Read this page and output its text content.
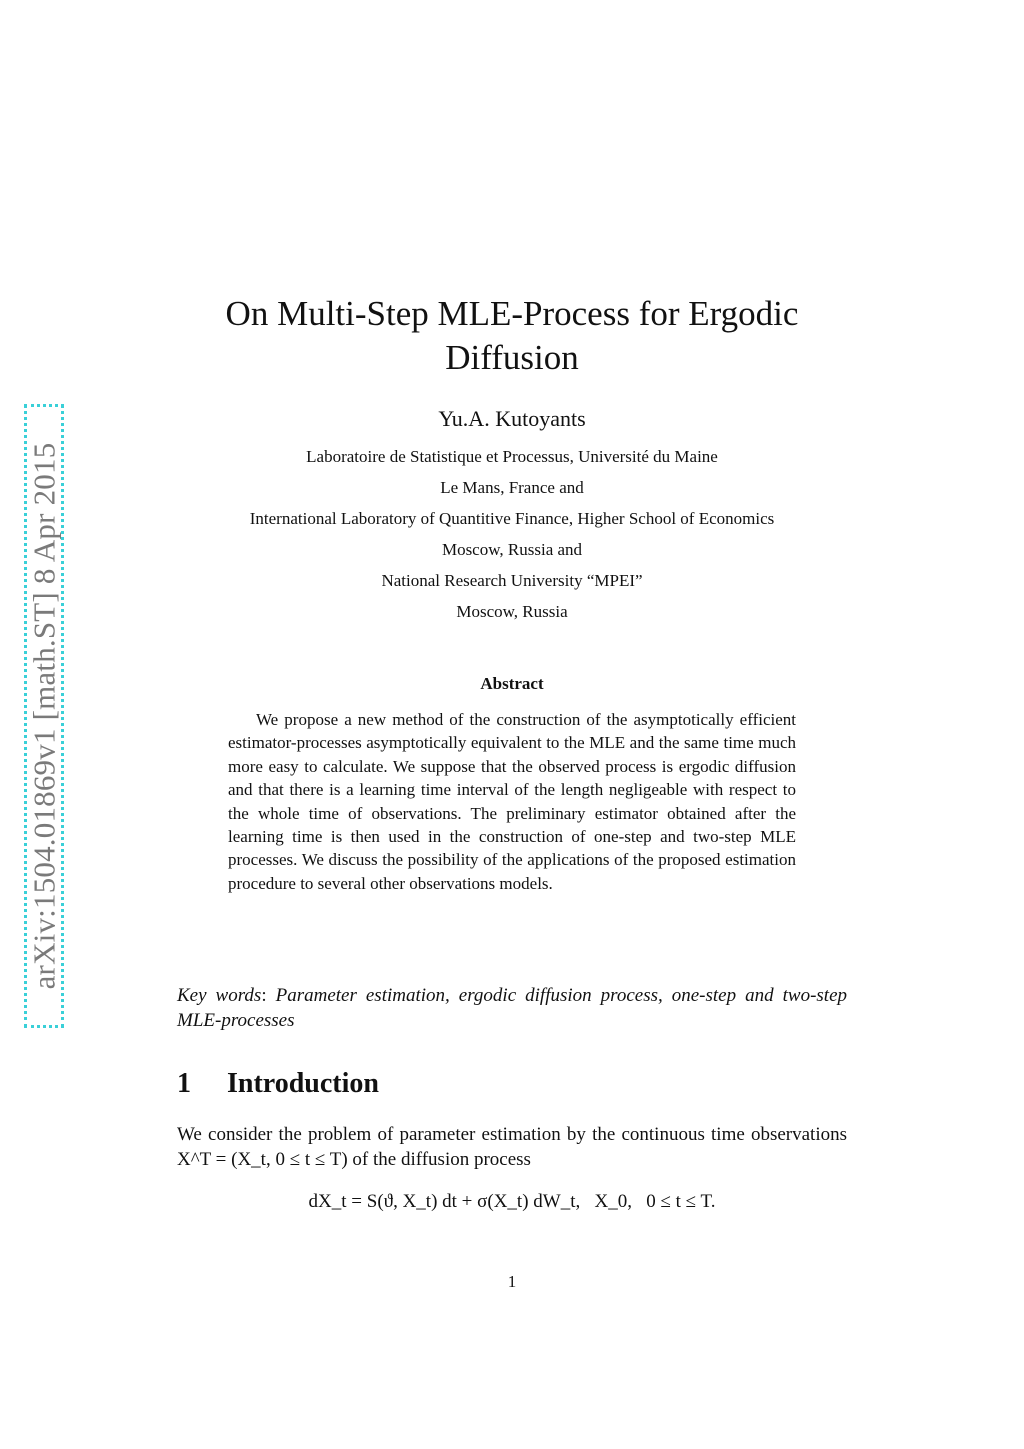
arXiv:1504.01869v1 [math.ST] 8 Apr 2015
On Multi-Step MLE-Process for Ergodic
Diffusion

Yu.A. Kutoyants

Laboratoire de Statistique et Processus, Université du Maine
Le Mans, France and
International Laboratory of Quantitive Finance, Higher School of Economics
Moscow, Russia and
National Research University “MPEI”
Moscow, Russia
Abstract

We propose a new method of the construction of the asymptotically efficient estimator-processes asymptotically equivalent to the MLE and the same time much more easy to calculate. We suppose that the observed process is ergodic diffusion and that there is a learning time interval of the length negligeable with respect to the whole time of observations. The preliminary estimator obtained after the learning time is then used in the construction of one-step and two-step MLE processes. We discuss the possibility of the applications of the proposed estimation procedure to several other observations models.

Key words: Parameter estimation, ergodic diffusion process, one-step and two-step MLE-processes

1 Introduction

We consider the problem of parameter estimation by the continuous time observations X^T = (X_t, 0 ≤ t ≤ T) of the diffusion process

dX_t = S(ϑ, X_t) dt + σ(X_t) dW_t,   X_0,   0 ≤ t ≤ T.

1
